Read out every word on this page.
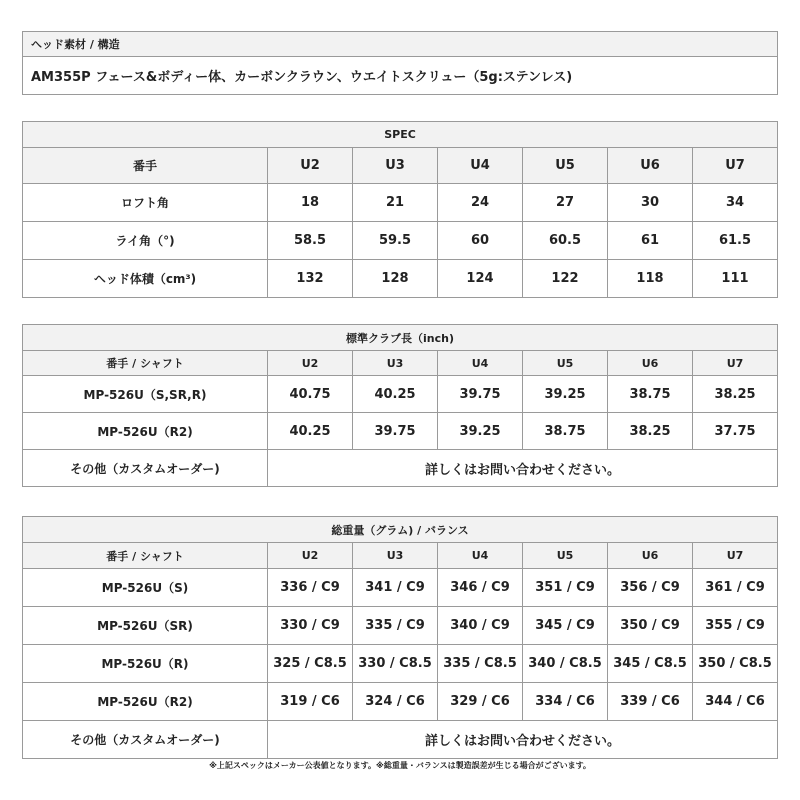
ヘッド素材 / 構造
AM355P フェース&ボディー体、カーボンクラウン、ウエイトスクリュー（5g:ステンレス)
SPEC						
番手	U2	U3	U4	U5	U6	U7
ロフト角	18	21	24	27	30	34
ライ角（°)	58.5	59.5	60	60.5	61	61.5
ヘッド体積（cm³)	132	128	124	122	118	111
標準クラブ長（inch)						
番手 / シャフト	U2	U3	U4	U5	U6	U7
MP-526U（S,SR,R)	40.75	40.25	39.75	39.25	38.75	38.25
MP-526U（R2)	40.25	39.75	39.25	38.75	38.25	37.75
その他（カスタムオーダー)	詳しくはお問い合わせください。					
総重量（グラム) / バランス						
番手 / シャフト	U2	U3	U4	U5	U6	U7
MP-526U（S)	336 / C9	341 / C9	346 / C9	351 / C9	356 / C9	361 / C9
MP-526U（SR)	330 / C9	335 / C9	340 / C9	345 / C9	350 / C9	355 / C9
MP-526U（R)	325 / C8.5	330 / C8.5	335 / C8.5	340 / C8.5	345 / C8.5	350 / C8.5
MP-526U（R2)	319 / C6	324 / C6	329 / C6	334 / C6	339 / C6	344 / C6
その他（カスタムオーダー)	詳しくはお問い合わせください。					
※上記スペックはメーカー公表値となります。※総重量・バランスは製造誤差が生じる場合がございます。
